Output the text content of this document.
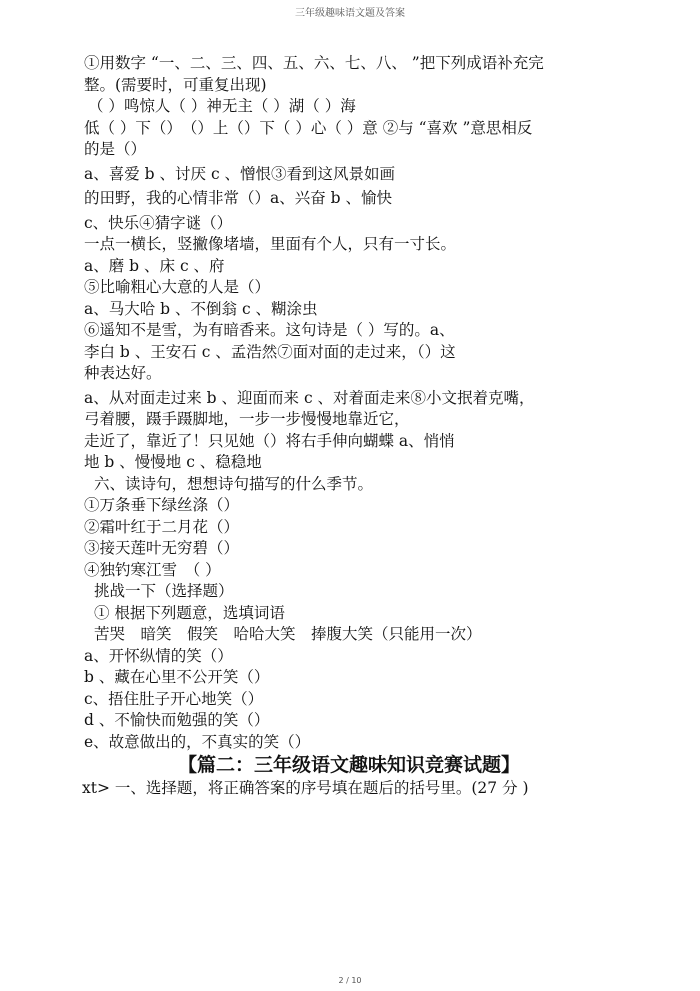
三年级趣味语文题及答案
①用数字 “一、二、三、四、五、六、七、八、 ”把下列成语补充完
整。(需要时，可重复出现)
（ ）鸣惊人（ ）神无主（ ）湖（ ）海
低（ ）下（）　（）上（）下（ ）心（ ）意 ②与 “喜欢 ”意思相反
的是（）
a、喜爱 b 、讨厌 c 、憎恨③看到这风景如画
的田野，我的心情非常（）a、兴奋 b 、愉快
c、快乐④猜字谜（）
一点一横长，竖撇像堵墙，里面有个人，只有一寸长。
a、磨 b 、床 c 、府
⑤比喻粗心大意的人是（）
a、马大哈 b 、不倒翁 c 、糊涂虫
⑥遥知不是雪，为有暗香来。这句诗是（ ）写的。a、
李白 b 、王安石 c 、孟浩然⑦面对面的走过来，（）这
种表达好。
a、从对面走过来 b 、迎面而来 c 、对着面走来⑧小文抿着克嘴，
弓着腰，蹑手蹑脚地，一步一步慢慢地靠近它，
走近了，靠近了！只见她（）将右手伸向蝴蝶 a、悄悄
地 b 、慢慢地 c 、稳稳地
六、读诗句，想想诗句描写的什么季节。
①万条垂下绿丝涤（）
②霜叶红于二月花（）
③接天莲叶无穷碧（）
④独钓寒江雪　（ ）
挑战一下（选择题）
① 根据下列题意，选填词语
苦哭　暗笑　假笑　哈哈大笑　捧腹大笑（只能用一次）
a、开怀纵情的笑（）
b 、藏在心里不公开笑（）
c、捂住肚子开心地笑（）
d 、不愉快而勉强的笑（）
e、故意做出的，不真实的笑（）
【篇二：三年级语文趣味知识竞赛试题】
xt> 一、选择题，将正确答案的序号填在题后的括号里。(27 分 )
2 / 10
